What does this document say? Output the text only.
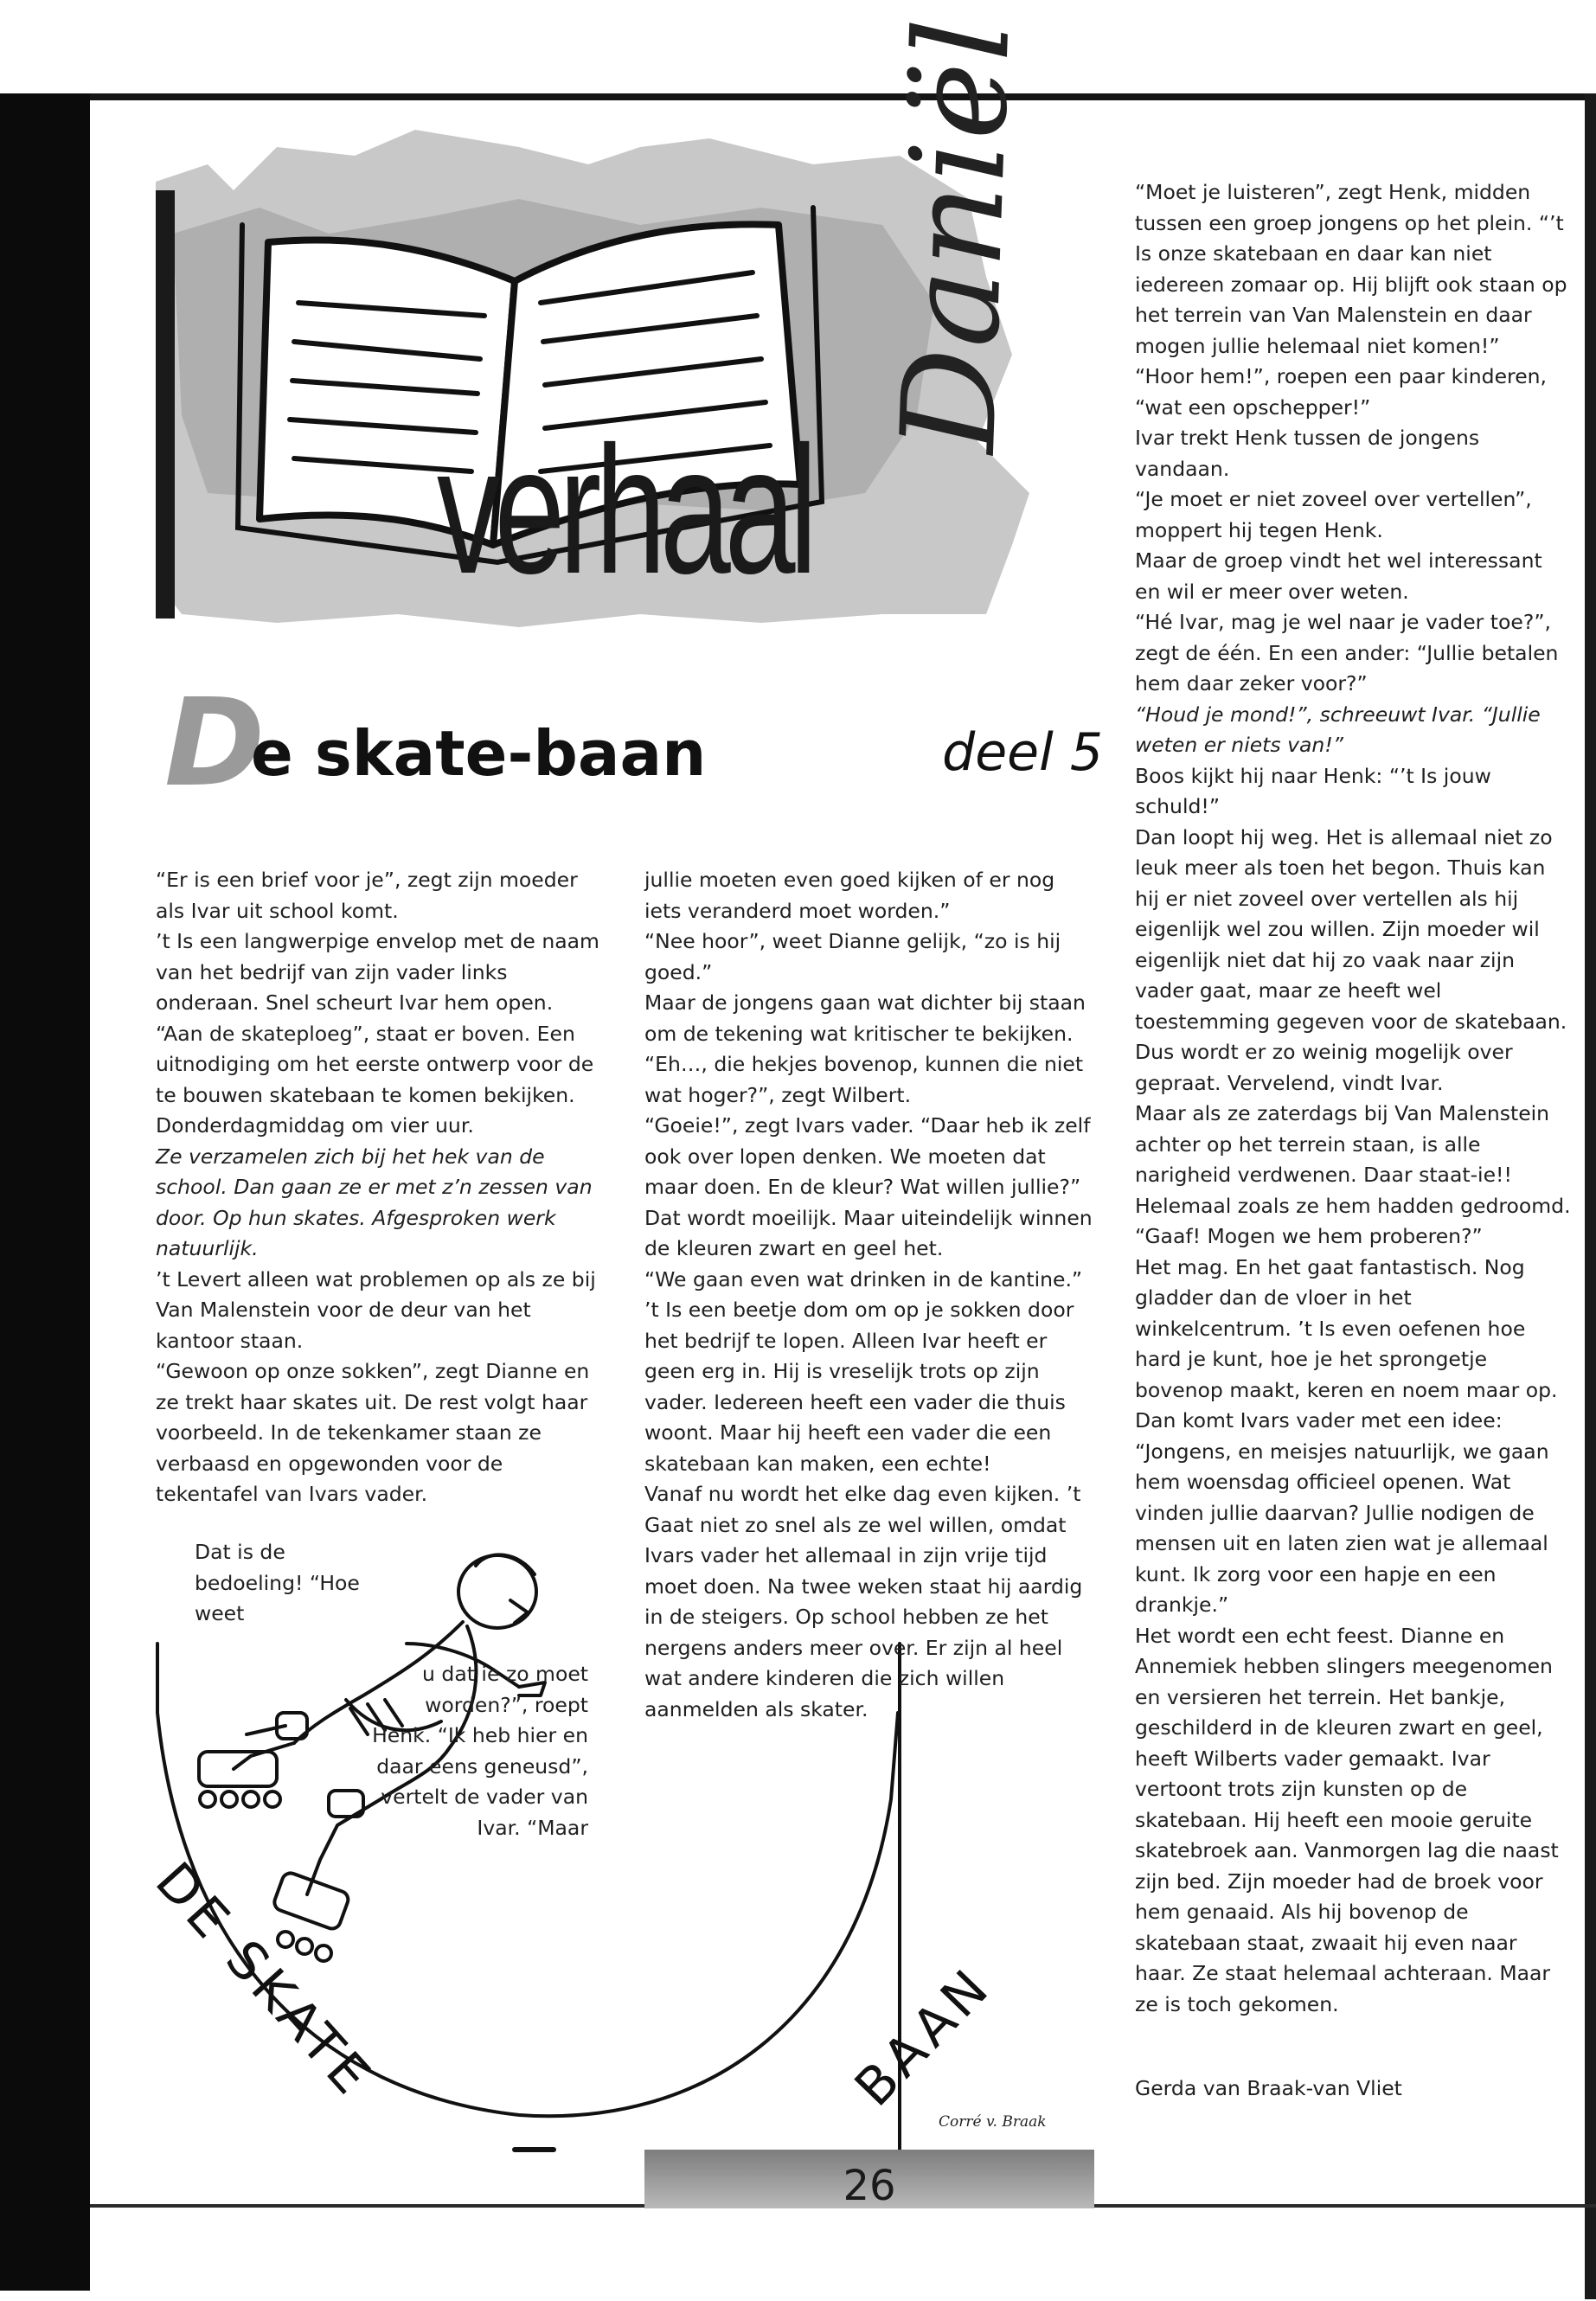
verhaal
Daniël
D
e skate-baan	deel 5

“Er is een brief voor je”, zegt zijn moeder als Ivar uit school komt.

’t Is een langwerpige envelop met de naam van het bedrijf van zijn vader links onderaan. Snel scheurt Ivar hem open.

“Aan de skateploeg”, staat er boven. Een uitnodiging om het eerste ontwerp voor de te bouwen skatebaan te komen bekijken. Donderdagmiddag om vier uur.

Ze verzamelen zich bij het hek van de school. Dan gaan ze er met z’n zessen van door. Op hun skates. Afgesproken werk natuurlijk.

’t Levert alleen wat problemen op als ze bij Van Malenstein voor de deur van het kantoor staan.

“Gewoon op onze sokken”, zegt Dianne en ze trekt haar skates uit. De rest volgt haar voorbeeld. In de tekenkamer staan ze verbaasd en opgewonden voor de tekentafel van Ivars vader.

DE SKATE	BAAN
Corré v. Braak
Dat is de bedoeling! “Hoe weet
u dat ie zo moet worden?”, roept Henk. “Ik heb hier en daar eens geneusd”, vertelt de vader van Ivar. “Maar

jullie moeten even goed kijken of er nog iets veranderd moet worden.”

“Nee hoor”, weet Dianne gelijk, “zo is hij goed.”

Maar de jongens gaan wat dichter bij staan om de tekening wat kritischer te bekijken.

“Eh…, die hekjes bovenop, kunnen die niet wat hoger?”, zegt Wilbert.

“Goeie!”, zegt Ivars vader. “Daar heb ik zelf ook over lopen denken. We moeten dat maar doen. En de kleur? Wat willen jullie?”

Dat wordt moeilijk. Maar uiteindelijk winnen de kleuren zwart en geel het.

“We gaan even wat drinken in de kantine.”

’t Is een beetje dom om op je sokken door het bedrijf te lopen. Alleen Ivar heeft er geen erg in. Hij is vreselijk trots op zijn vader. Iedereen heeft een vader die thuis woont. Maar hij heeft een vader die een skatebaan kan maken, een echte!

Vanaf nu wordt het elke dag even kijken. ’t Gaat niet zo snel als ze wel willen, omdat Ivars vader het allemaal in zijn vrije tijd moet doen. Na twee weken staat hij aardig in de steigers. Op school hebben ze het nergens anders meer over. Er zijn al heel wat andere kinderen die zich willen aanmelden als skater.

“Moet je luisteren”, zegt Henk, midden tussen een groep jongens op het plein. “’t Is onze skatebaan en daar kan niet iedereen zomaar op. Hij blijft ook staan op het terrein van Van Malenstein en daar mogen jullie helemaal niet komen!”

“Hoor hem!”, roepen een paar kinderen, “wat een opschepper!”

Ivar trekt Henk tussen de jongens vandaan.

“Je moet er niet zoveel over vertellen”, moppert hij tegen Henk.

Maar de groep vindt het wel interessant en wil er meer over weten.

“Hé Ivar, mag je wel naar je vader toe?”, zegt de één. En een ander: “Jullie betalen hem daar zeker voor?”

“Houd je mond!”, schreeuwt Ivar. “Jullie weten er niets van!”

Boos kijkt hij naar Henk: “’t Is jouw schuld!”

Dan loopt hij weg. Het is allemaal niet zo leuk meer als toen het begon. Thuis kan hij er niet zoveel over vertellen als hij eigenlijk wel zou willen. Zijn moeder wil eigenlijk niet dat hij zo vaak naar zijn vader gaat, maar ze heeft wel toestemming gegeven voor de skatebaan. Dus wordt er zo weinig mogelijk over gepraat. Vervelend, vindt Ivar.

Maar als ze zaterdags bij Van Malenstein achter op het terrein staan, is alle narigheid verdwenen. Daar staat-ie!! Helemaal zoals ze hem hadden gedroomd.

“Gaaf! Mogen we hem proberen?”

Het mag. En het gaat fantastisch. Nog gladder dan de vloer in het winkelcentrum. ’t Is even oefenen hoe hard je kunt, hoe je het sprongetje bovenop maakt, keren en noem maar op.

Dan komt Ivars vader met een idee: “Jongens, en meisjes natuurlijk, we gaan hem woensdag officieel openen. Wat vinden jullie daarvan? Jullie nodigen de mensen uit en laten zien wat je allemaal kunt. Ik zorg voor een hapje en een drankje.”

Het wordt een echt feest. Dianne en Annemiek hebben slingers meegenomen en versieren het terrein. Het bankje, geschilderd in de kleuren zwart en geel, heeft Wilberts vader gemaakt. Ivar vertoont trots zijn kunsten op de skatebaan. Hij heeft een mooie geruite skatebroek aan. Vanmorgen lag die naast zijn bed. Zijn moeder had de broek voor hem genaaid. Als hij bovenop de skatebaan staat, zwaait hij even naar haar. Ze staat helemaal achteraan. Maar ze is toch gekomen.

Gerda van Braak-van Vliet
26
